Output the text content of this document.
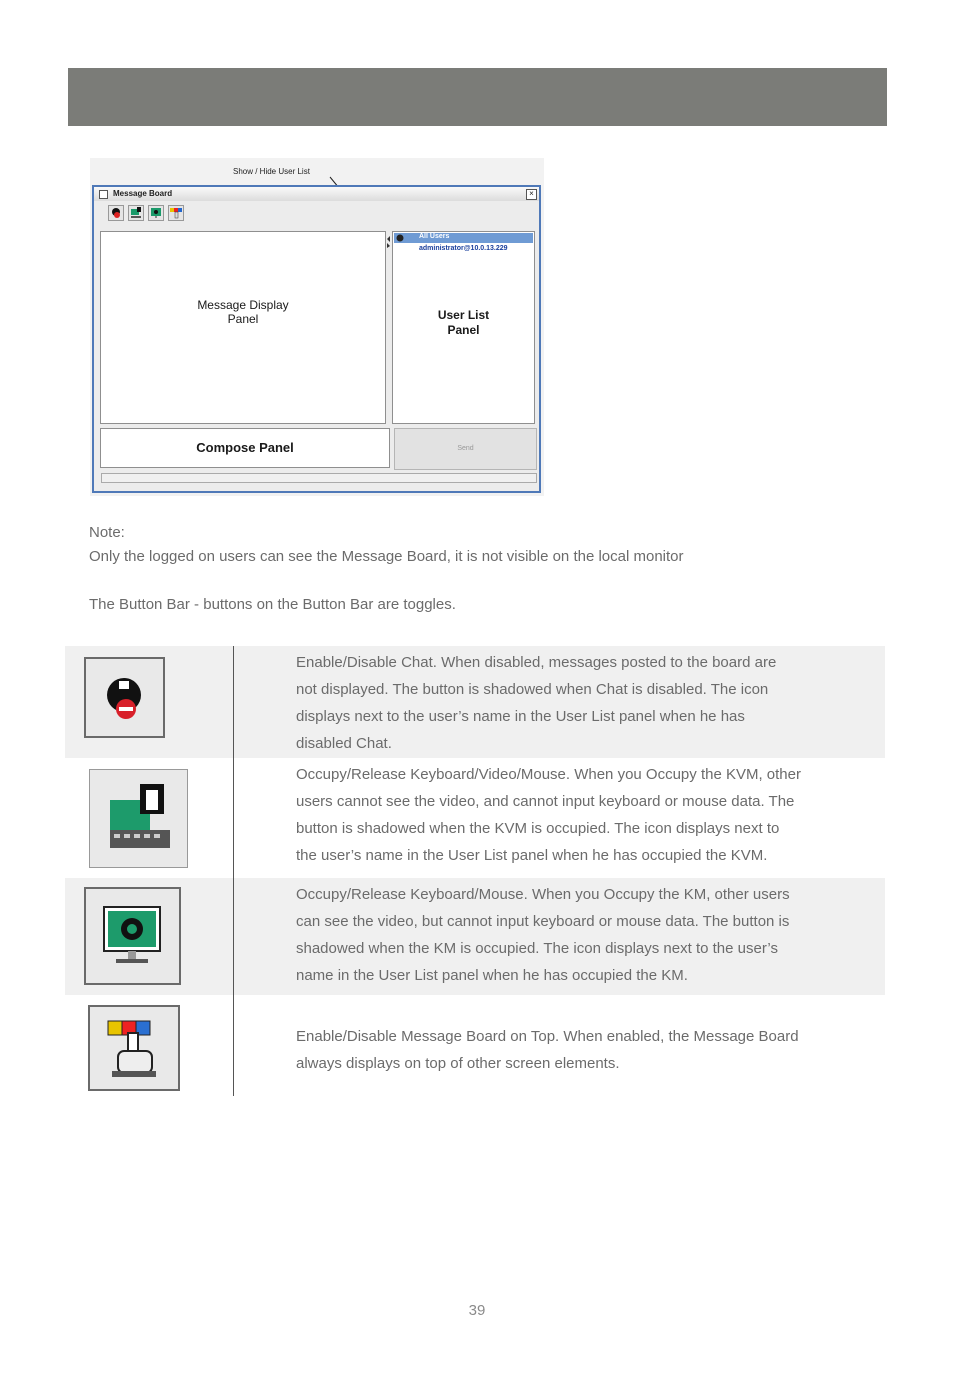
Show / Hide User List
Message Board	×
Message Display
Panel
All Users
administrator@10.0.13.229
User List
Panel
Compose Panel	Send
Note:
Only the logged on users can see the Message Board, it is not visible on the local monitor
The Button Bar - buttons on the Button Bar are toggles.
Enable/Disable Chat. When disabled, messages posted to the board are
not displayed. The button is shadowed when Chat is disabled. The icon
displays next to the user’s name in the User List panel when he has
disabled Chat.
Occupy/Release Keyboard/Video/Mouse. When you Occupy the KVM, other
users cannot see the video, and cannot input keyboard or mouse data. The
button is shadowed when the KVM is occupied. The icon displays next to
the user’s name in the User List panel when he has occupied the KVM.
Occupy/Release Keyboard/Mouse. When you Occupy the KM, other users
can see the video, but cannot input keyboard or mouse data. The button is
shadowed when the KM is occupied. The icon displays next to the user’s
name in the User List panel when he has occupied the KM.
Enable/Disable Message Board on Top. When enabled, the Message Board
always displays on top of other screen elements.
39
